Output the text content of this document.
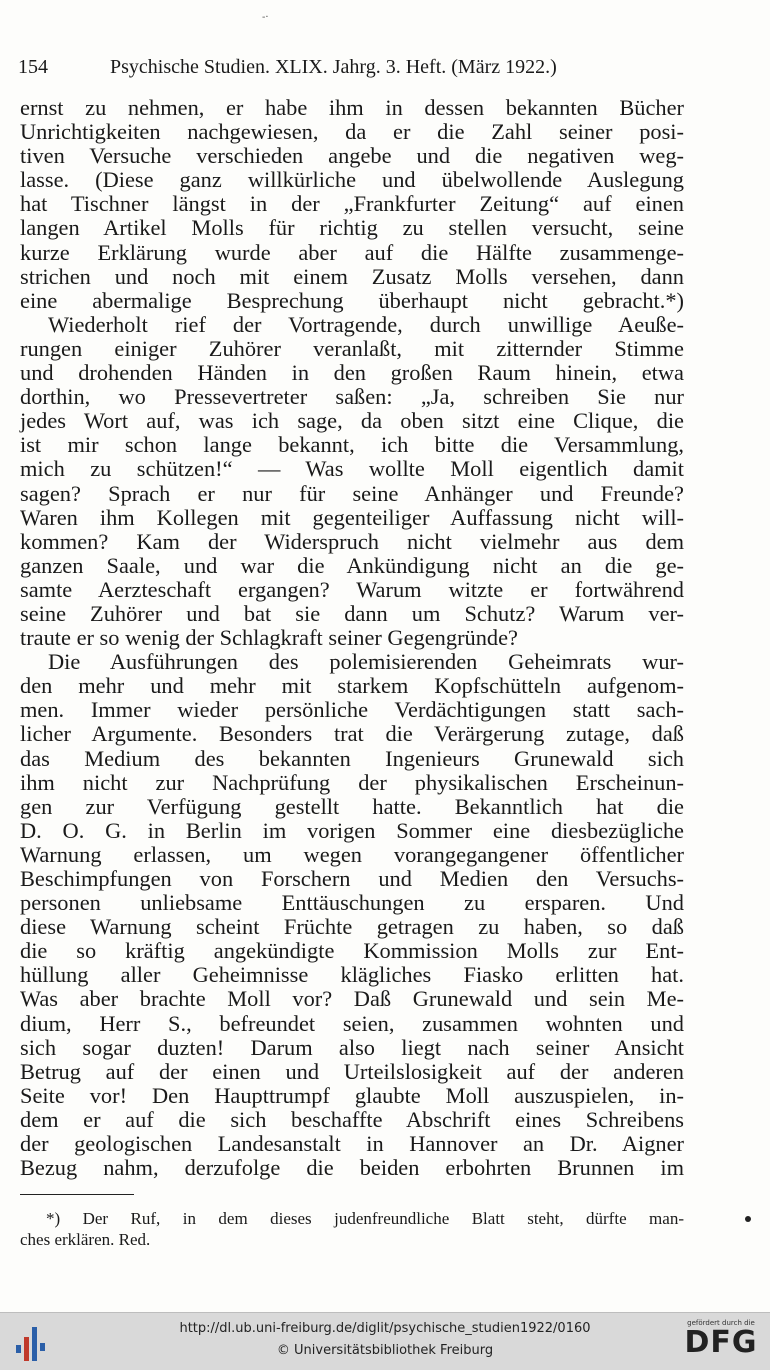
-·
154	Psychische Studien. XLIX. Jahrg. 3. Heft. (März 1922.)
ernst zu nehmen, er habe ihm in dessen bekannten Bücher
Unrichtigkeiten nachgewiesen, da er die Zahl seiner posi-
tiven Versuche verschieden angebe und die negativen weg-
lasse. (Diese ganz willkürliche und übelwollende Auslegung
hat Tischner längst in der „Frankfurter Zeitung“ auf einen
langen Artikel Molls für richtig zu stellen versucht, seine
kurze Erklärung wurde aber auf die Hälfte zusammenge-
strichen und noch mit einem Zusatz Molls versehen, dann
eine abermalige Besprechung überhaupt nicht gebracht.*)
Wiederholt rief der Vortragende, durch unwillige Aeuße-
rungen einiger Zuhörer veranlaßt, mit zitternder Stimme
und drohenden Händen in den großen Raum hinein, etwa
dorthin, wo Pressevertreter saßen: „Ja, schreiben Sie nur
jedes Wort auf, was ich sage, da oben sitzt eine Clique, die
ist mir schon lange bekannt, ich bitte die Versammlung,
mich zu schützen!“ — Was wollte Moll eigentlich damit
sagen? Sprach er nur für seine Anhänger und Freunde?
Waren ihm Kollegen mit gegenteiliger Auffassung nicht will-
kommen? Kam der Widerspruch nicht vielmehr aus dem
ganzen Saale, und war die Ankündigung nicht an die ge-
samte Aerzteschaft ergangen? Warum witzte er fortwährend
seine Zuhörer und bat sie dann um Schutz? Warum ver-
traute er so wenig der Schlagkraft seiner Gegengründe?
Die Ausführungen des polemisierenden Geheimrats wur-
den mehr und mehr mit starkem Kopfschütteln aufgenom-
men. Immer wieder persönliche Verdächtigungen statt sach-
licher Argumente. Besonders trat die Verärgerung zutage, daß
das Medium des bekannten Ingenieurs Grunewald sich
ihm nicht zur Nachprüfung der physikalischen Erscheinun-
gen zur Verfügung gestellt hatte. Bekanntlich hat die
D. O. G. in Berlin im vorigen Sommer eine diesbezügliche
Warnung erlassen, um wegen vorangegangener öffentlicher
Beschimpfungen von Forschern und Medien den Versuchs-
personen unliebsame Enttäuschungen zu ersparen. Und
diese Warnung scheint Früchte getragen zu haben, so daß
die so kräftig angekündigte Kommission Molls zur Ent-
hüllung aller Geheimnisse klägliches Fiasko erlitten hat.
Was aber brachte Moll vor? Daß Grunewald und sein Me-
dium, Herr S., befreundet seien, zusammen wohnten und
sich sogar duzten! Darum also liegt nach seiner Ansicht
Betrug auf der einen und Urteilslosigkeit auf der anderen
Seite vor! Den Haupttrumpf glaubte Moll auszuspielen, in-
dem er auf die sich beschaffte Abschrift eines Schreibens
der geologischen Landesanstalt in Hannover an Dr. Aigner
Bezug nahm, derzufolge die beiden erbohrten Brunnen im
*) Der Ruf, in dem dieses judenfreundliche Blatt steht, dürfte man-
ches erklären. Red.
http://dl.ub.uni-freiburg.de/diglit/psychische_studien1922/0160
© Universitätsbibliothek Freiburg
gefördert durch die
DFG
